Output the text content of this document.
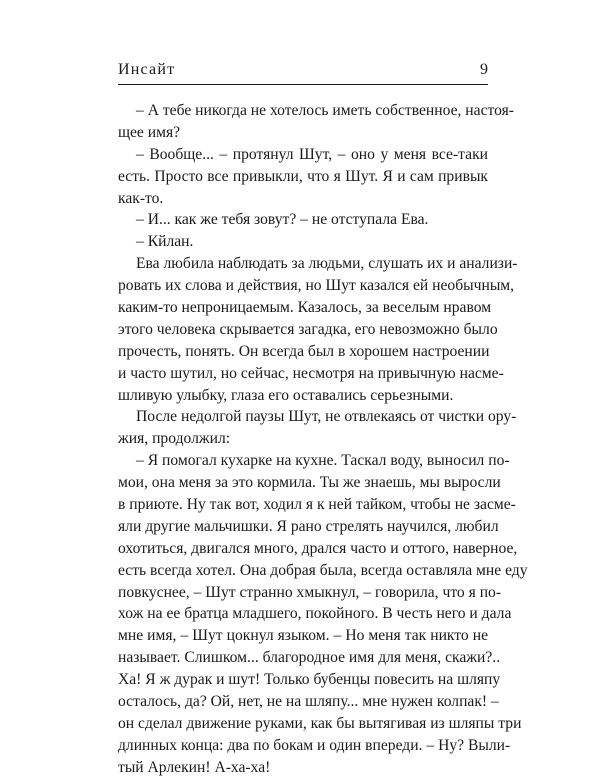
Инсайт	9
– А тебе никогда не хотелось иметь собственное, настоя-
щее имя?
– Вообще... – протянул Шут, – оно у меня все-таки
есть. Просто все привыкли, что я Шут. Я и сам привык
как-то.
– И... как же тебя зовут? – не отступала Ева.
– Кйлан.
Ева любила наблюдать за людьми, слушать их и анализи-
ровать их слова и действия, но Шут казался ей необычным,
каким-то непроницаемым. Казалось, за веселым нравом
этого человека скрывается загадка, его невозможно было
прочесть, понять. Он всегда был в хорошем настроении
и часто шутил, но сейчас, несмотря на привычную насме-
шливую улыбку, глаза его оставались серьезными.
После недолгой паузы Шут, не отвлекаясь от чистки ору-
жия, продолжил:
– Я помогал кухарке на кухне. Таскал воду, выносил по-
мои, она меня за это кормила. Ты же знаешь, мы выросли
в приюте. Ну так вот, ходил я к ней тайком, чтобы не засме-
яли другие мальчишки. Я рано стрелять научился, любил
охотиться, двигался много, дрался часто и оттого, наверное,
есть всегда хотел. Она добрая была, всегда оставляла мне еду
повкуснее, – Шут странно хмыкнул, – говорила, что я по-
хож на ее братца младшего, покойного. В честь него и дала
мне имя, – Шут цокнул языком. – Но меня так никто не
называет. Слишком... благородное имя для меня, скажи?..
Ха! Я ж дурак и шут! Только бубенцы повесить на шляпу
осталось, да? Ой, нет, не на шляпу... мне нужен колпак! –
он сделал движение руками, как бы вытягивая из шляпы три
длинных конца: два по бокам и один впереди. – Ну? Выли-
тый Арлекин! А-ха-ха!
